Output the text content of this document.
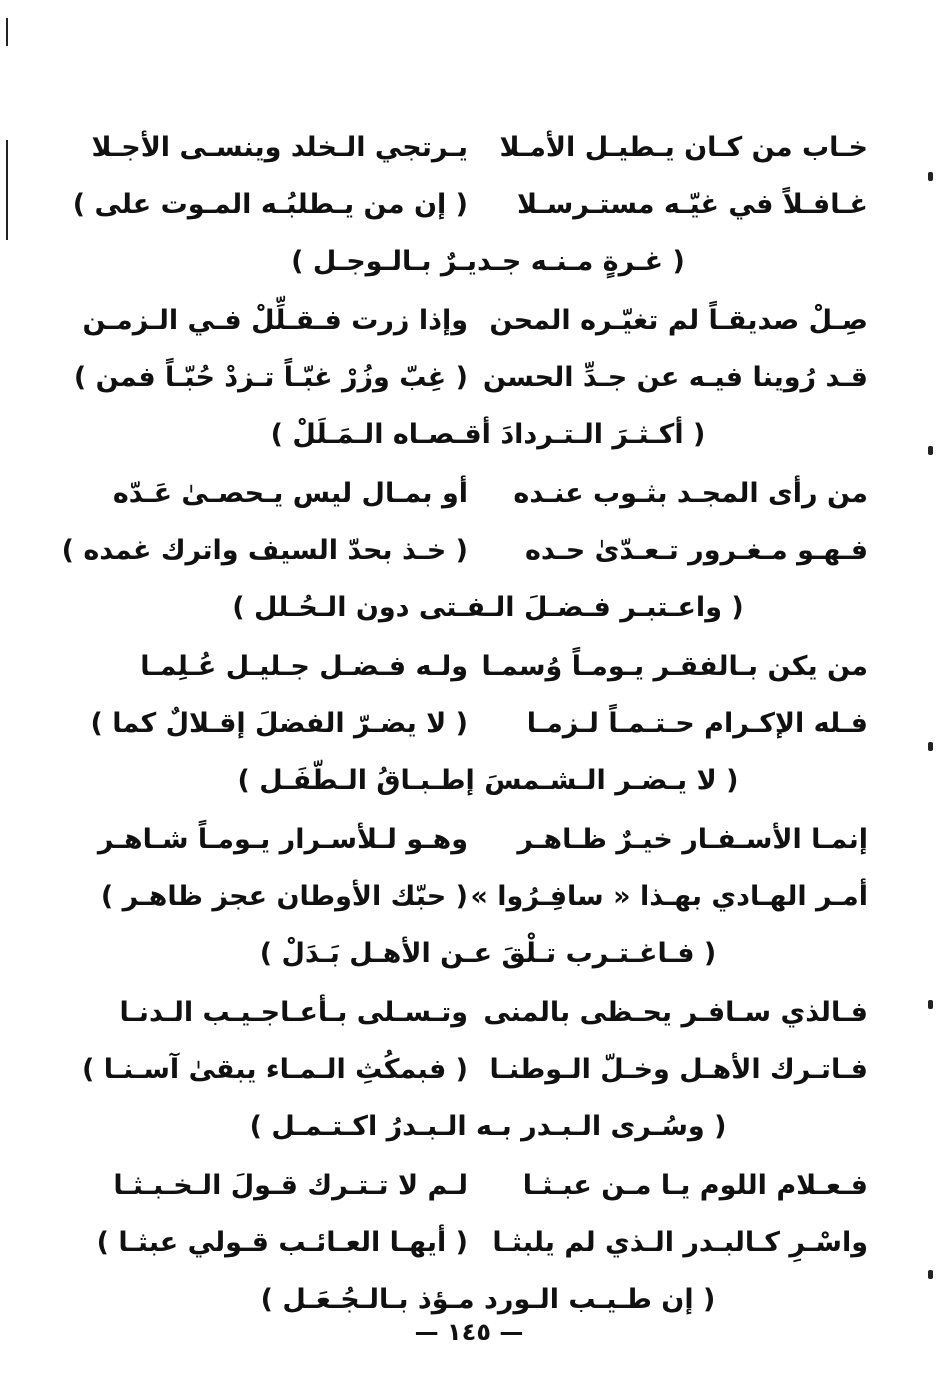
خـاب من كـان يـطيـل الأمـلا
يـرتجي الـخلد وينسـى الأجـلا
غـافـلاً في غيّـه مستـرسـلا
( إن من يـطلبُـه المـوت على )
( غـرةٍ مـنـه جـديـرٌ بـالـوجـل )
صِـلْ صديقـاً لم تغيّـره المحن
وإذا زرت فـقـلِّلْ فـي الـزمـن
قـد رُوينا فيـه عن جـدِّ الحسن
( غِبّ وزُرْ غبّـاً تـزدْ حُبّـاً فمن )
( أكـثـرَ الـتـردادَ أقـصـاه الـمَـلَلْ )
من رأى المجـد بثـوب عنـده
أو بمـال ليس يـحصـىٰ عَـدّه
فـهـو مـغـرور تـعـدّىٰ حـده
( خـذ بحدّ السيف واترك غمده )
( واعـتبـر فـضـلَ الـفـتى دون الـحُـلل )
من يكن بـالفقـر يـومـاً وُسمـا
ولـه فـضـل جـليـل عُـلِمـا
فـله الإكـرام حـتـمـاً لـزمـا
( لا يضـرّ الفضلَ إقـلالٌ كما )
( لا يـضـر الـشـمسَ إطـبـاقُ الـطّفَـل )
إنمـا الأسـفـار خيـرٌ ظـاهـر
وهـو لـلأسـرار يـومـاً شـاهـر
أمـر الهـادي بهـذا « سافِـرُوا »
( حبّك الأوطان عجز ظاهـر )
( فـاغـتـرب تـلْقَ عـن الأهـل بَـدَلْ )
فـالذي سـافـر يحـظى بالمنى
وتـسـلى بـأعـاجـيـب الـدنـا
فـاتـرك الأهـل وخـلّ الـوطنـا
( فبمكُثِ الـمـاء يبقىٰ آسـنـا )
( وسُـرى الـبـدر بـه الـبـدرُ اكـتـمـل )
فـعـلام اللوم يـا مـن عبـثـا
لـم لا تـتـرك قـولَ الـخـبـثـا
واسْـرِ كـالبـدر الـذي لم يلبثـا
( أيهـا العـائـب قـولي عبثـا )
( إن طـيـب الـورد مـؤذ بـالـجُـعَـل )
— ١٤٥ —
